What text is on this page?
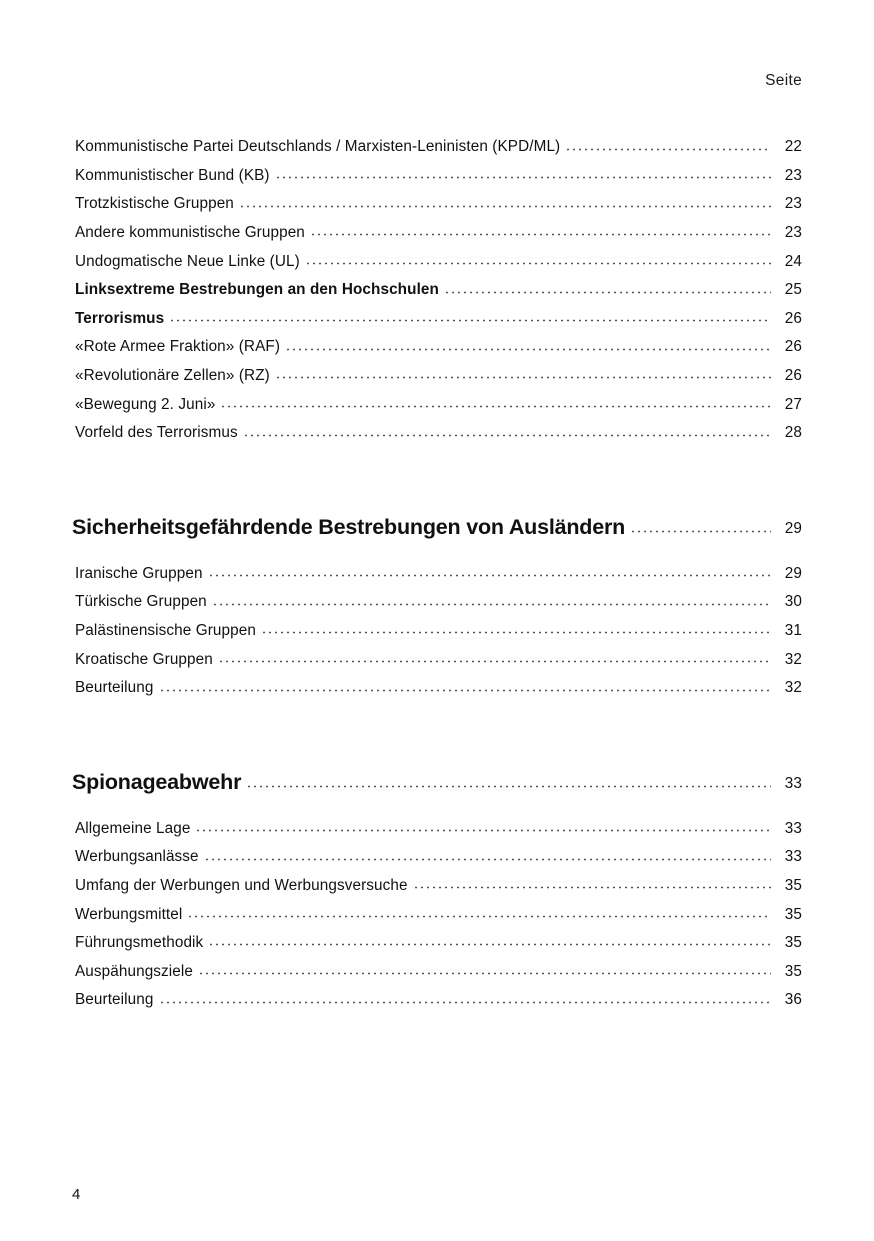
Seite
Kommunistische Partei Deutschlands / Marxisten-Leninisten (KPD/ML)	22
Kommunistischer Bund (KB)	23
Trotzkistische Gruppen	23
Andere kommunistische Gruppen	23
Undogmatische Neue Linke (UL)	24
Linksextreme Bestrebungen an den Hochschulen	25
Terrorismus	26
«Rote Armee Fraktion» (RAF)	26
«Revolutionäre Zellen» (RZ)	26
«Bewegung 2. Juni»	27
Vorfeld des Terrorismus	28
Sicherheitsgefährdende Bestrebungen von Ausländern	29
Iranische Gruppen	29
Türkische Gruppen	30
Palästinensische Gruppen	31
Kroatische Gruppen	32
Beurteilung	32
Spionageabwehr	33
Allgemeine Lage	33
Werbungsanlässe	33
Umfang der Werbungen und Werbungsversuche	35
Werbungsmittel	35
Führungsmethodik	35
Auspähungsziele	35
Beurteilung	36
4
